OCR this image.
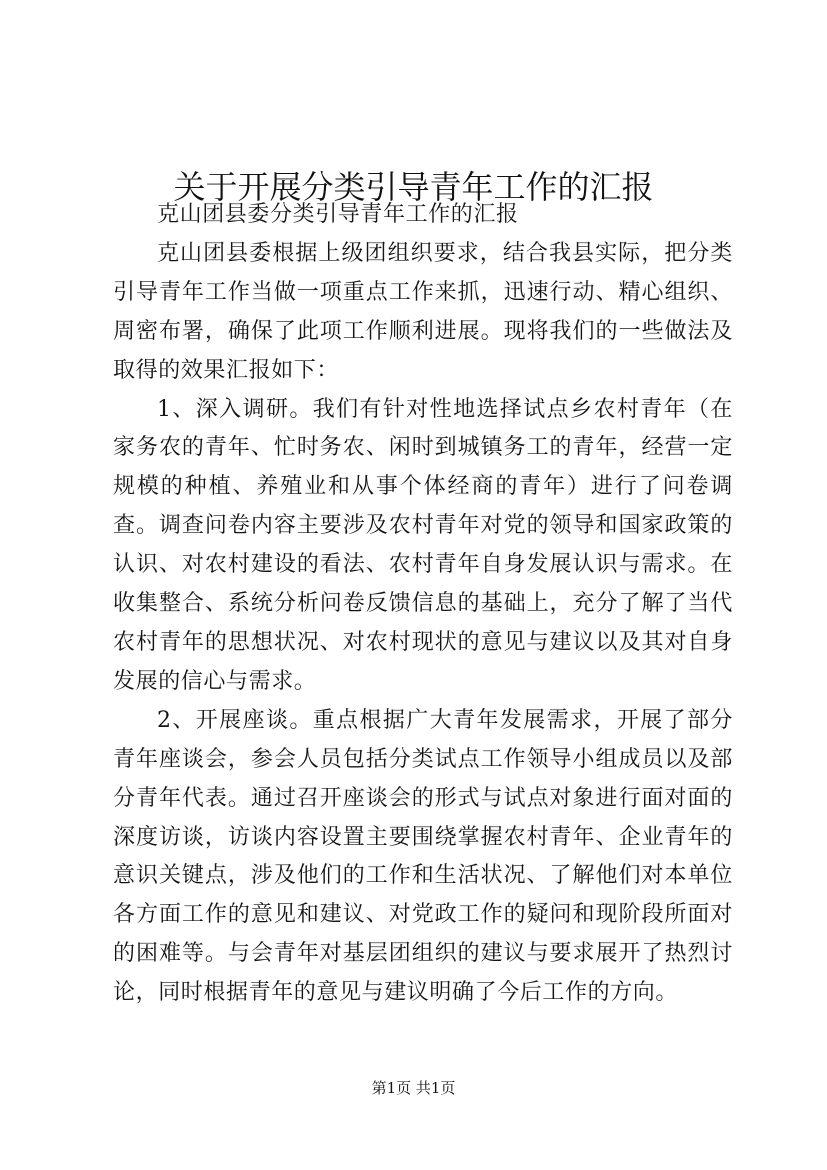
关于开展分类引导青年工作的汇报

克山团县委分类引导青年工作的汇报

克山团县委根据上级团组织要求，结合我县实际，把分类引导青年工作当做一项重点工作来抓，迅速行动、精心组织、周密布署，确保了此项工作顺利进展。现将我们的一些做法及取得的效果汇报如下：

1、深入调研。我们有针对性地选择试点乡农村青年（在家务农的青年、忙时务农、闲时到城镇务工的青年，经营一定规模的种植、养殖业和从事个体经商的青年）进行了问卷调查。调查问卷内容主要涉及农村青年对党的领导和国家政策的认识、对农村建设的看法、农村青年自身发展认识与需求。在收集整合、系统分析问卷反馈信息的基础上，充分了解了当代农村青年的思想状况、对农村现状的意见与建议以及其对自身发展的信心与需求。

2、开展座谈。重点根据广大青年发展需求，开展了部分青年座谈会，参会人员包括分类试点工作领导小组成员以及部分青年代表。通过召开座谈会的形式与试点对象进行面对面的深度访谈，访谈内容设置主要围绕掌握农村青年、企业青年的意识关键点，涉及他们的工作和生活状况、了解他们对本单位各方面工作的意见和建议、对党政工作的疑问和现阶段所面对的困难等。与会青年对基层团组织的建议与要求展开了热烈讨论，同时根据青年的意见与建议明确了今后工作的方向。

第1页 共1页
